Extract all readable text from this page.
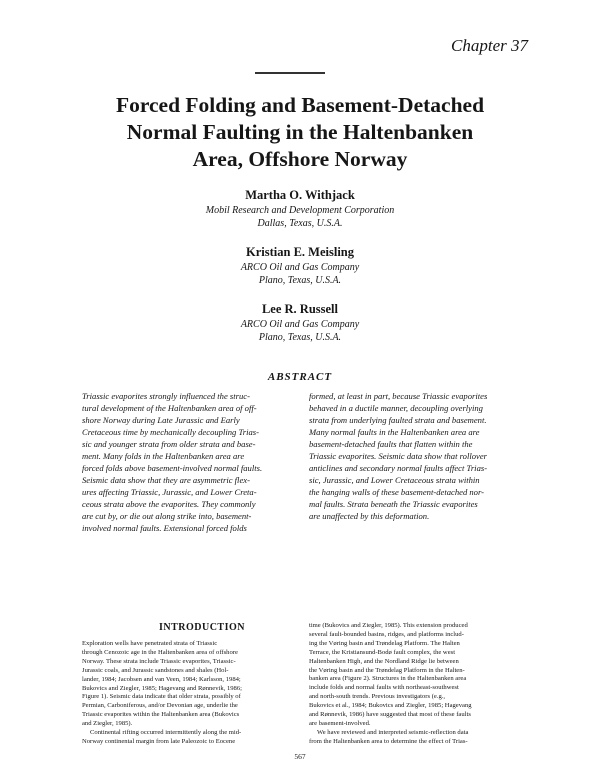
Chapter 37
Forced Folding and Basement-Detached
Normal Faulting in the Haltenbanken
Area, Offshore Norway
Martha O. Withjack
Mobil Research and Development Corporation
Dallas, Texas, U.S.A.
Kristian E. Meisling
ARCO Oil and Gas Company
Plano, Texas, U.S.A.
Lee R. Russell
ARCO Oil and Gas Company
Plano, Texas, U.S.A.
ABSTRACT
Triassic evaporites strongly influenced the struc-
tural development of the Haltenbanken area of off-
shore Norway during Late Jurassic and Early
Cretaceous time by mechanically decoupling Trias-
sic and younger strata from older strata and base-
ment. Many folds in the Haltenbanken area are
forced folds above basement-involved normal faults.
Seismic data show that they are asymmetric flex-
ures affecting Triassic, Jurassic, and Lower Creta-
ceous strata above the evaporites. They commonly
are cut by, or die out along strike into, basement-
involved normal faults. Extensional forced folds
formed, at least in part, because Triassic evaporites
behaved in a ductile manner, decoupling overlying
strata from underlying faulted strata and basement.
Many normal faults in the Haltenbanken area are
basement-detached faults that flatten within the
Triassic evaporites. Seismic data show that rollover
anticlines and secondary normal faults affect Trias-
sic, Jurassic, and Lower Cretaceous strata within
the hanging walls of these basement-detached nor-
mal faults. Strata beneath the Triassic evaporites
are unaffected by this deformation.
INTRODUCTION
Exploration wells have penetrated strata of Triassic
through Cenozoic age in the Haltenbanken area of offshore
Norway. These strata include Triassic evaporites, Triassic-
Jurassic coals, and Jurassic sandstones and shales (Hol-
lander, 1984; Jacobsen and van Veen, 1984; Karlsson, 1984;
Bukovics and Ziegler, 1985; Hagevang and Rønnevik, 1986;
Figure 1). Seismic data indicate that older strata, possibly of
Permian, Carboniferous, and/or Devonian age, underlie the
Triassic evaporites within the Haltenbanken area (Bukovics
and Ziegler, 1985).
Continental rifting occurred intermittently along the mid-
Norway continental margin from late Paleozoic to Eocene
time (Bukovics and Ziegler, 1985). This extension produced
several fault-bounded basins, ridges, and platforms includ-
ing the Vøring basin and Trøndelag Platform. The Halten
Terrace, the Kristiansund-Bodø fault complex, the west
Haltenbanken High, and the Nordland Ridge lie between
the Vøring basin and the Trøndelag Platform in the Halten-
banken area (Figure 2). Structures in the Haltenbanken area
include folds and normal faults with northeast-southwest
and north-south trends. Previous investigators (e.g.,
Bukovics et al., 1984; Bukovics and Ziegler, 1985; Hagevang
and Rønnevik, 1986) have suggested that most of these faults
are basement-involved.
We have reviewed and interpreted seismic-reflection data
from the Haltenbanken area to determine the effect of Trias-
567
